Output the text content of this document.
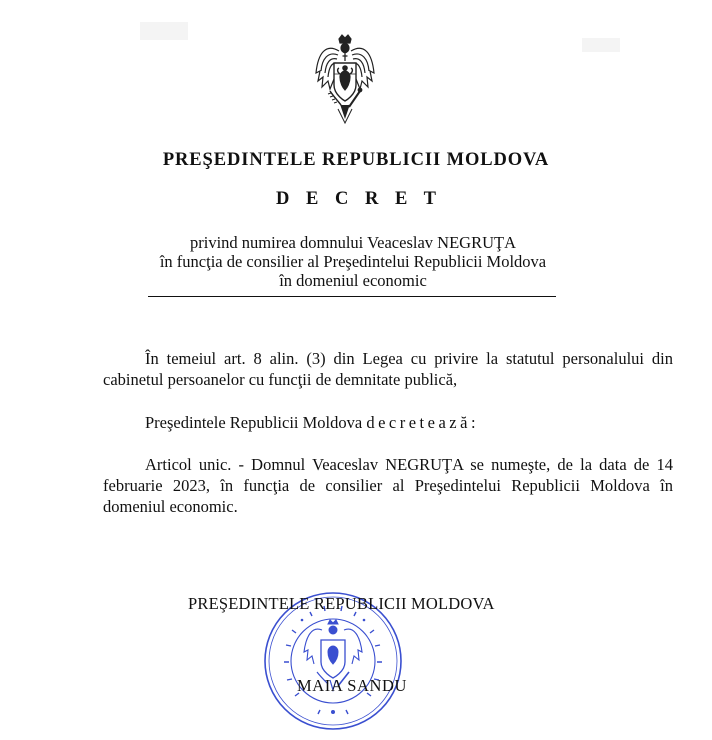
PREŞEDINTELE REPUBLICII MOLDOVA
D E C R E T
privind numirea domnului Veaceslav NEGRUŢA
în funcţia de consilier al Preşedintelui Republicii Moldova
în domeniul economic
În temeiul art. 8 alin. (3) din Legea cu privire la statutul personalului din cabinetul persoanelor cu funcţii de demnitate publică,
Preşedintele Republicii Moldova decretează:
Articol unic. - Domnul Veaceslav NEGRUŢA se numeşte, de la data de 14 februarie 2023, în funcţia de consilier al Preşedintelui Republicii Moldova în domeniul economic.
PREŞEDINTELE REPUBLICII MOLDOVA
MAIA SANDU
